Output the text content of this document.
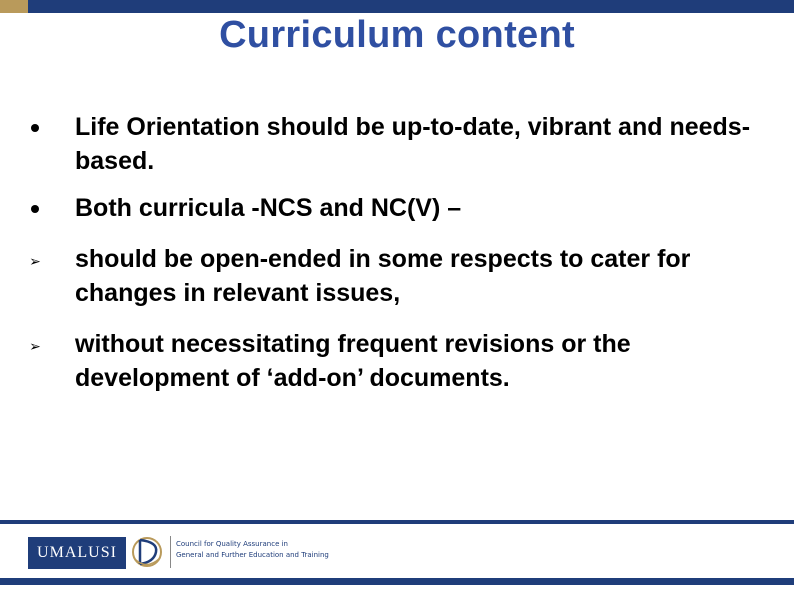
Curriculum content
Life Orientation should be up-to-date, vibrant and needs-based.
Both curricula -NCS and NC(V) –
➢ should be open-ended in some respects to cater for changes in relevant issues,
➢ without necessitating frequent revisions or the development of ‘add-on’ documents.
UMALUSI	Council for Quality Assurance in
General and Further Education and Training
